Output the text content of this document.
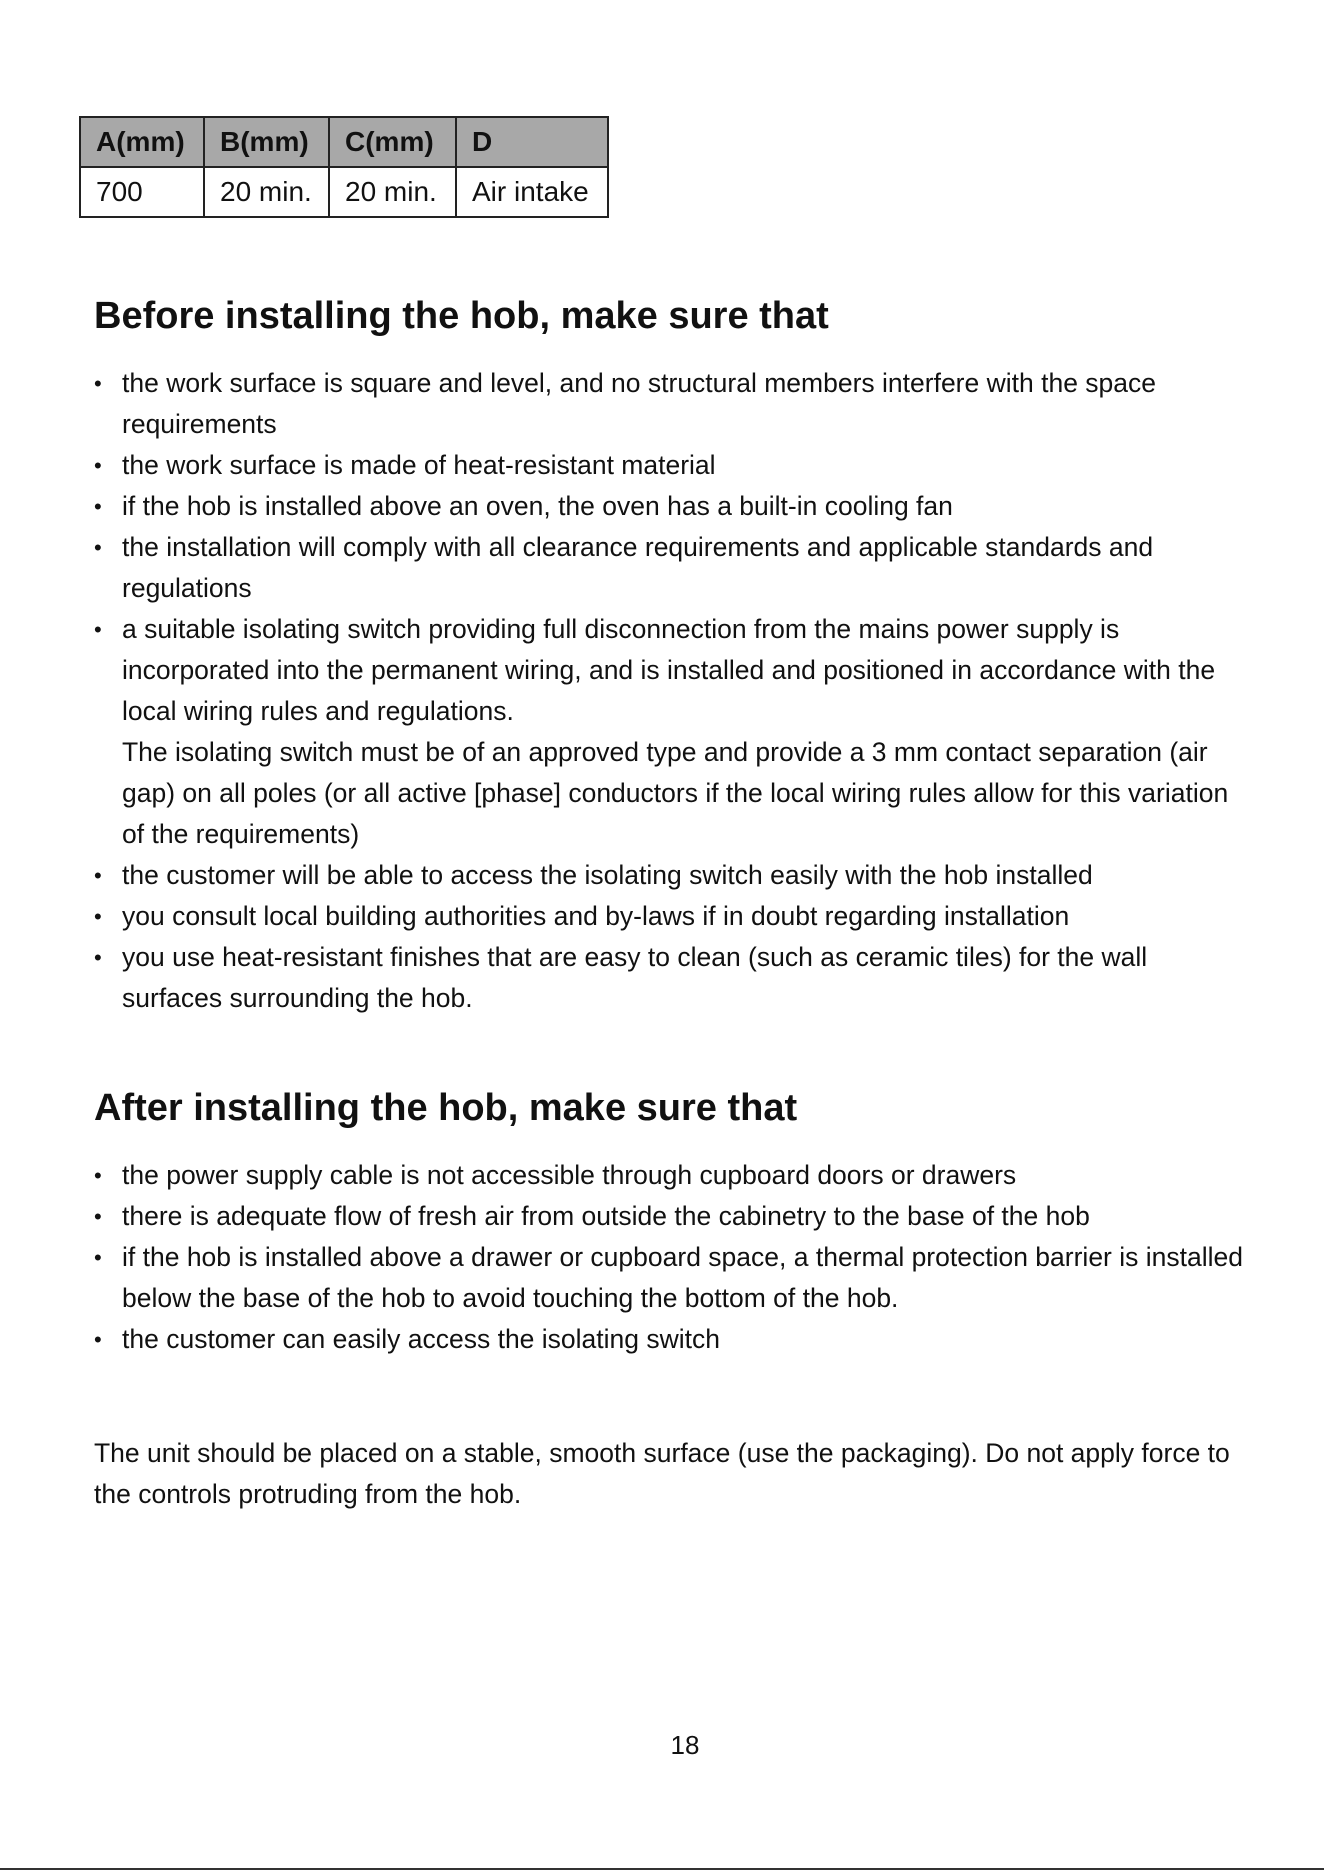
A(mm)	B(mm)	C(mm)	D
700	20 min.	20 min.	Air intake
Before installing the hob, make sure that
• the work surface is square and level, and no structural members interfere with the space requirements
• the work surface is made of heat-resistant material
• if the hob is installed above an oven, the oven has a built-in cooling fan
• the installation will comply with all clearance requirements and applicable standards and regulations
• a suitable isolating switch providing full disconnection from the mains power supply is incorporated into the permanent wiring, and is installed and positioned in accordance with the local wiring rules and regulations.
The isolating switch must be of an approved type and provide a 3 mm contact separation (air gap) on all poles (or all active [phase] conductors if the local wiring rules allow for this variation of the requirements)
• the customer will be able to access the isolating switch easily with the hob installed
• you consult local building authorities and by-laws if in doubt regarding installation
• you use heat-resistant finishes that are easy to clean (such as ceramic tiles) for the wall surfaces surrounding the hob.
After installing the hob, make sure that
• the power supply cable is not accessible through cupboard doors or drawers
• there is adequate flow of fresh air from outside the cabinetry to the base of the hob
• if the hob is installed above a drawer or cupboard space, a thermal protection barrier is installed below the base of the hob to avoid touching the bottom of the hob.
• the customer can easily access the isolating switch

The unit should be placed on a stable, smooth surface (use the packaging). Do not apply force to the controls protruding from the hob.

18
